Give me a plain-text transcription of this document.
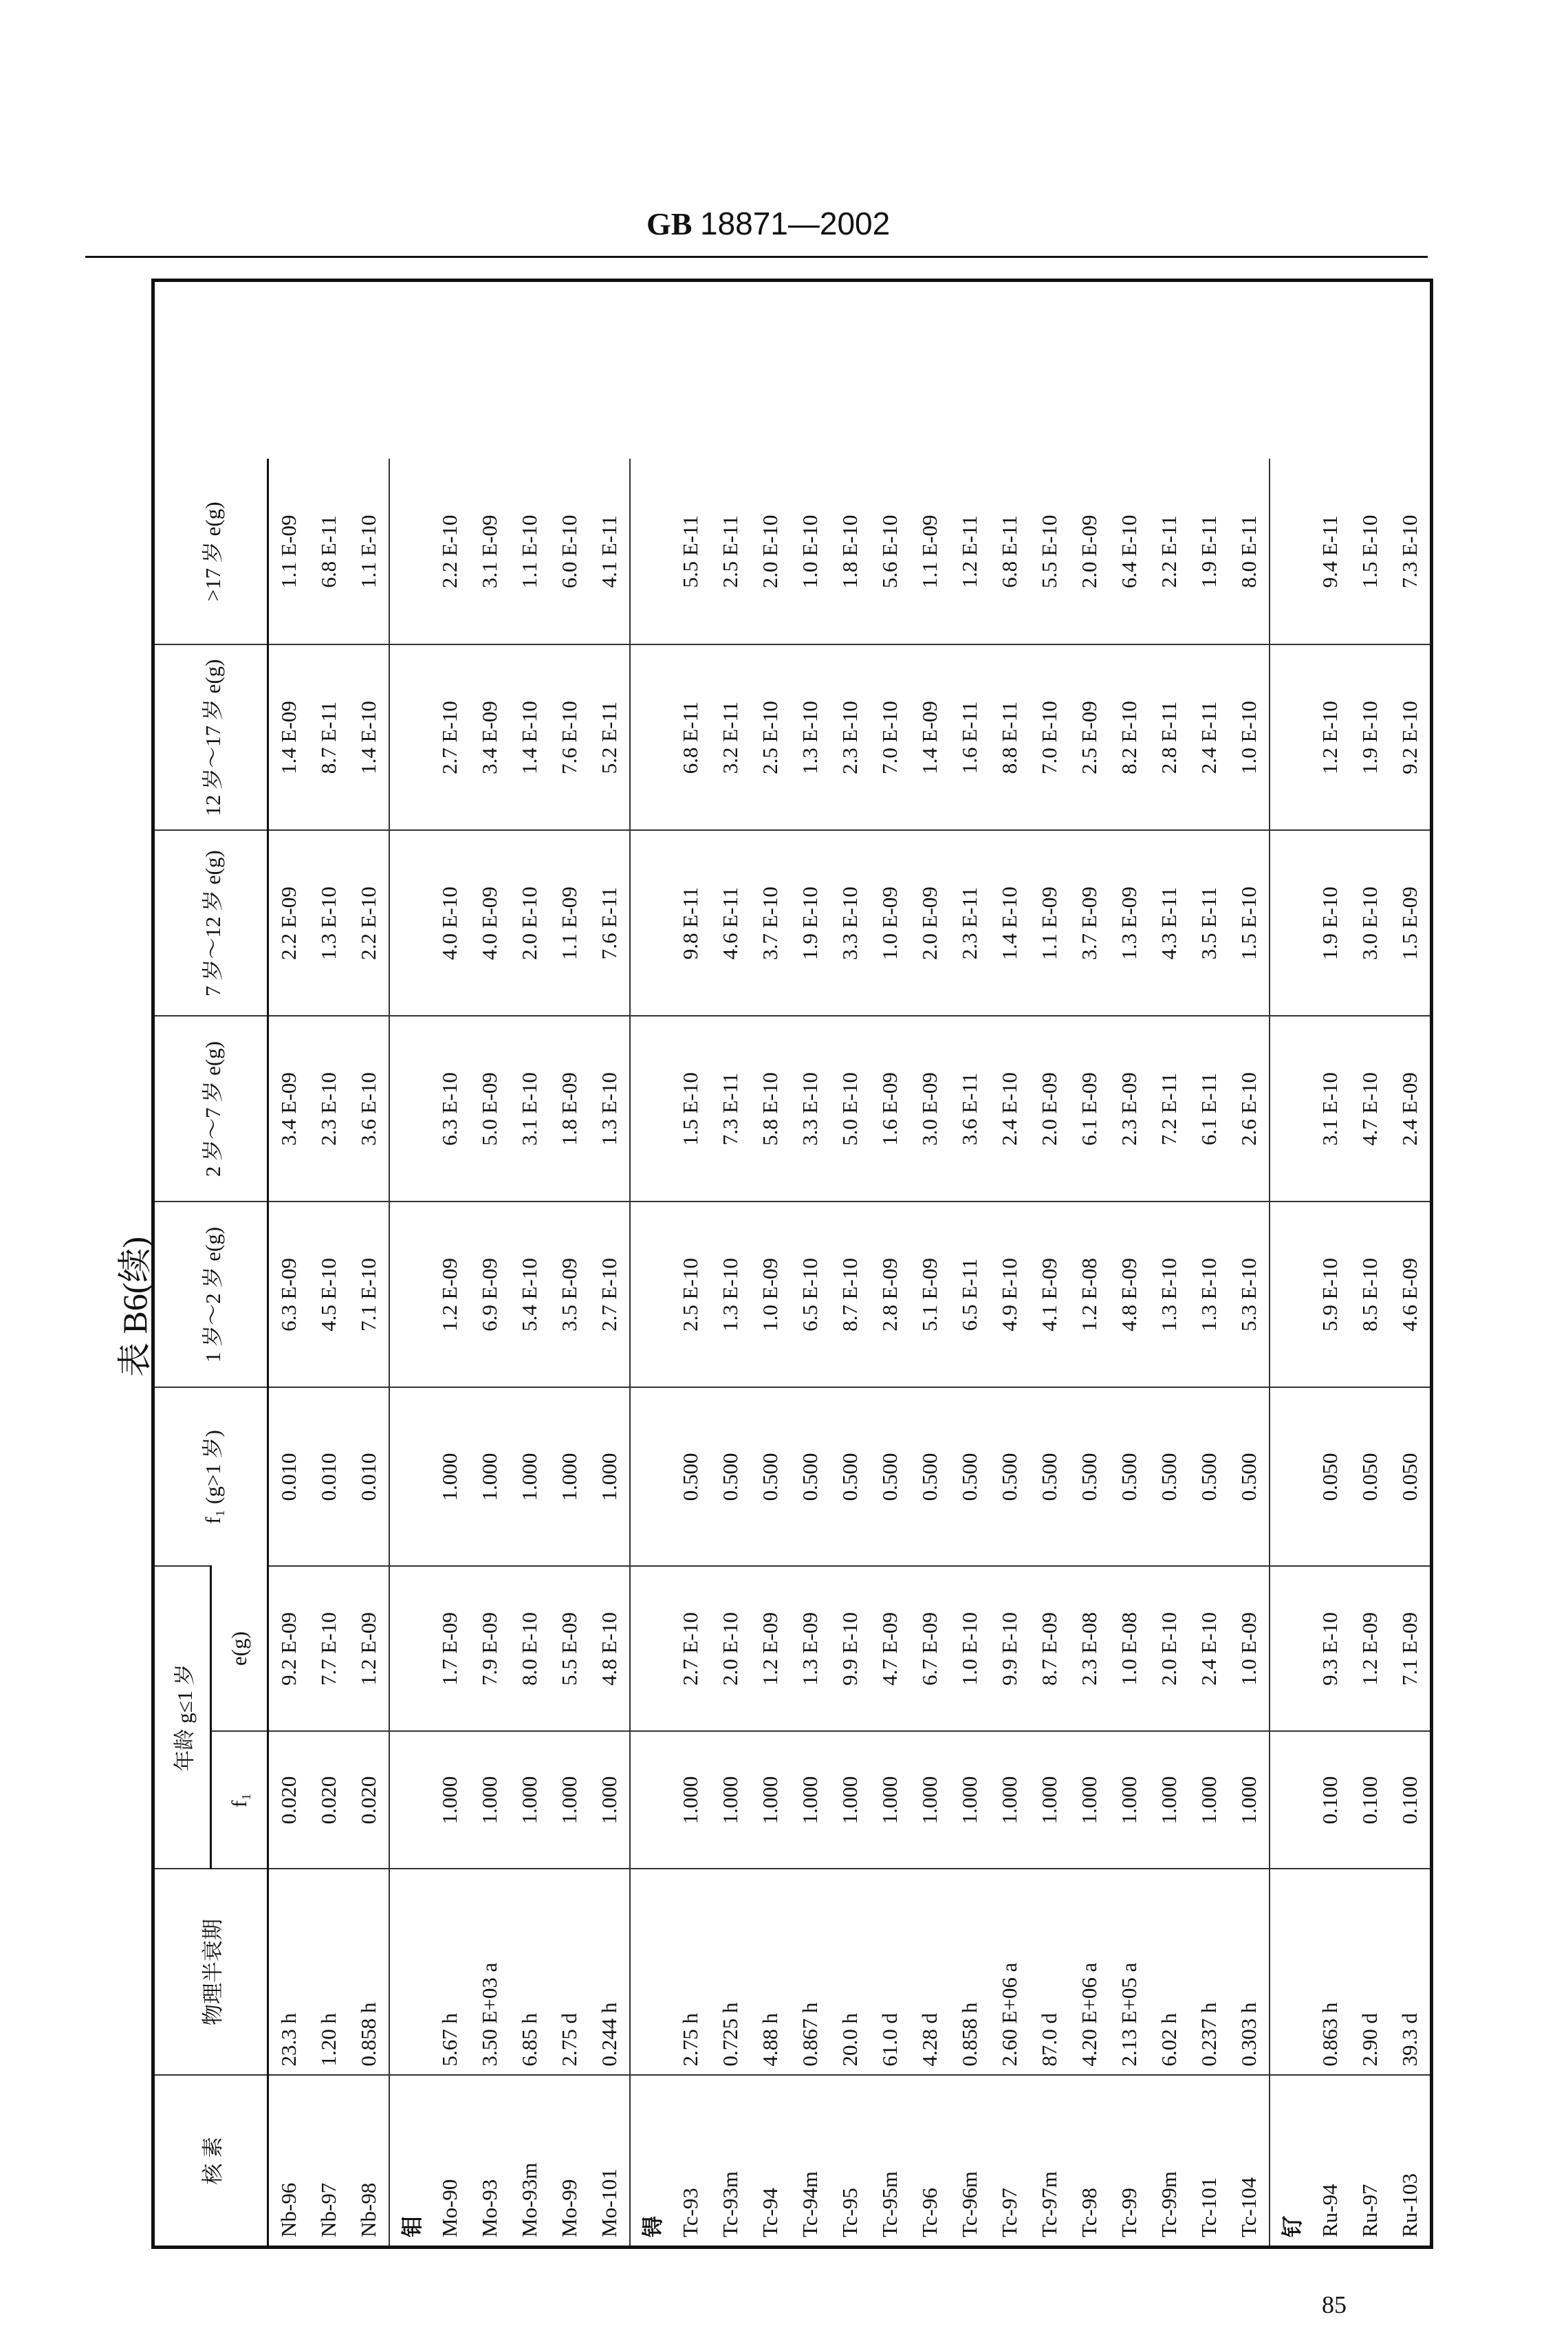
GB 18871—2002
表 B6(续)
核 素	物理半衰期	年龄 g≤1 岁		f₁ (g>1 岁)	1 岁～2 岁 e(g)	2 岁～7 岁 e(g)	7 岁～12 岁 e(g)	12 岁～17 岁 e(g)	>17 岁 e(g)
		f₁	e(g)						
Nb-96	23.3 h	0.020	9.2 E-09	0.010	6.3 E-09	3.4 E-09	2.2 E-09	1.4 E-09	1.1 E-09
Nb-97	1.20 h	0.020	7.7 E-10	0.010	4.5 E-10	2.3 E-10	1.3 E-10	8.7 E-11	6.8 E-11
Nb-98	0.858 h	0.020	1.2 E-09	0.010	7.1 E-10	3.6 E-10	2.2 E-10	1.4 E-10	1.1 E-10
钼									
Mo-90	5.67 h	1.000	1.7 E-09	1.000	1.2 E-09	6.3 E-10	4.0 E-10	2.7 E-10	2.2 E-10
Mo-93	3.50 E+03 a	1.000	7.9 E-09	1.000	6.9 E-09	5.0 E-09	4.0 E-09	3.4 E-09	3.1 E-09
Mo-93m	6.85 h	1.000	8.0 E-10	1.000	5.4 E-10	3.1 E-10	2.0 E-10	1.4 E-10	1.1 E-10
Mo-99	2.75 d	1.000	5.5 E-09	1.000	3.5 E-09	1.8 E-09	1.1 E-09	7.6 E-10	6.0 E-10
Mo-101	0.244 h	1.000	4.8 E-10	1.000	2.7 E-10	1.3 E-10	7.6 E-11	5.2 E-11	4.1 E-11
锝									
Tc-93	2.75 h	1.000	2.7 E-10	0.500	2.5 E-10	1.5 E-10	9.8 E-11	6.8 E-11	5.5 E-11
Tc-93m	0.725 h	1.000	2.0 E-10	0.500	1.3 E-10	7.3 E-11	4.6 E-11	3.2 E-11	2.5 E-11
Tc-94	4.88 h	1.000	1.2 E-09	0.500	1.0 E-09	5.8 E-10	3.7 E-10	2.5 E-10	2.0 E-10
Tc-94m	0.867 h	1.000	1.3 E-09	0.500	6.5 E-10	3.3 E-10	1.9 E-10	1.3 E-10	1.0 E-10
Tc-95	20.0 h	1.000	9.9 E-10	0.500	8.7 E-10	5.0 E-10	3.3 E-10	2.3 E-10	1.8 E-10
Tc-95m	61.0 d	1.000	4.7 E-09	0.500	2.8 E-09	1.6 E-09	1.0 E-09	7.0 E-10	5.6 E-10
Tc-96	4.28 d	1.000	6.7 E-09	0.500	5.1 E-09	3.0 E-09	2.0 E-09	1.4 E-09	1.1 E-09
Tc-96m	0.858 h	1.000	1.0 E-10	0.500	6.5 E-11	3.6 E-11	2.3 E-11	1.6 E-11	1.2 E-11
Tc-97	2.60 E+06 a	1.000	9.9 E-10	0.500	4.9 E-10	2.4 E-10	1.4 E-10	8.8 E-11	6.8 E-11
Tc-97m	87.0 d	1.000	8.7 E-09	0.500	4.1 E-09	2.0 E-09	1.1 E-09	7.0 E-10	5.5 E-10
Tc-98	4.20 E+06 a	1.000	2.3 E-08	0.500	1.2 E-08	6.1 E-09	3.7 E-09	2.5 E-09	2.0 E-09
Tc-99	2.13 E+05 a	1.000	1.0 E-08	0.500	4.8 E-09	2.3 E-09	1.3 E-09	8.2 E-10	6.4 E-10
Tc-99m	6.02 h	1.000	2.0 E-10	0.500	1.3 E-10	7.2 E-11	4.3 E-11	2.8 E-11	2.2 E-11
Tc-101	0.237 h	1.000	2.4 E-10	0.500	1.3 E-10	6.1 E-11	3.5 E-11	2.4 E-11	1.9 E-11
Tc-104	0.303 h	1.000	1.0 E-09	0.500	5.3 E-10	2.6 E-10	1.5 E-10	1.0 E-10	8.0 E-11
钌									
Ru-94	0.863 h	0.100	9.3 E-10	0.050	5.9 E-10	3.1 E-10	1.9 E-10	1.2 E-10	9.4 E-11
Ru-97	2.90 d	0.100	1.2 E-09	0.050	8.5 E-10	4.7 E-10	3.0 E-10	1.9 E-10	1.5 E-10
Ru-103	39.3 d	0.100	7.1 E-09	0.050	4.6 E-09	2.4 E-09	1.5 E-09	9.2 E-10	7.3 E-10
85
